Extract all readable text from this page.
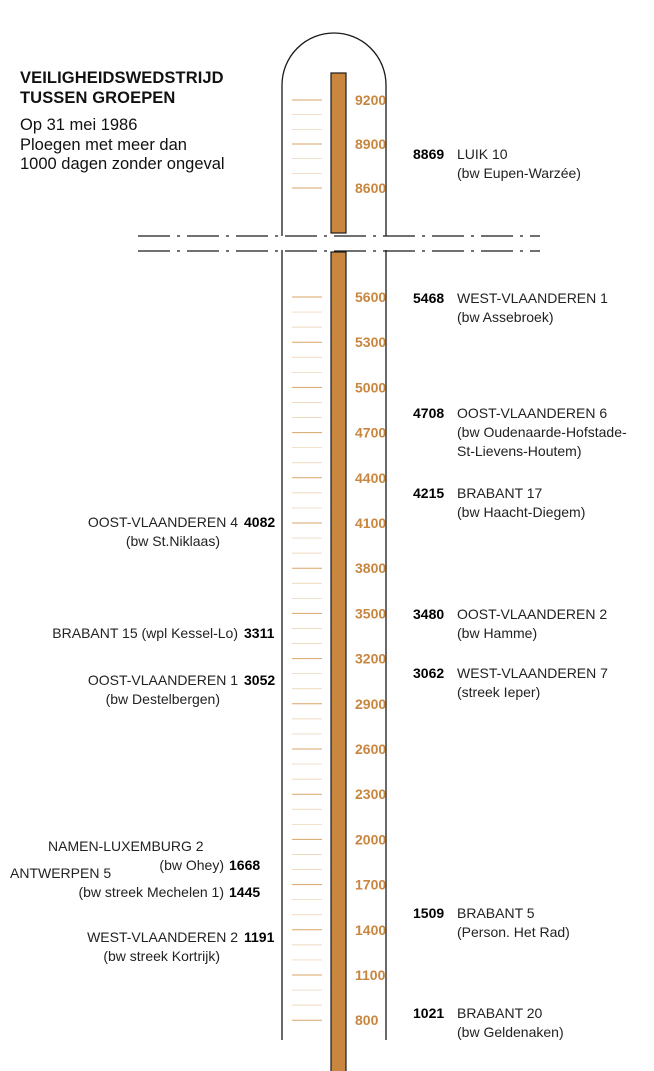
VEILIGHEIDSWEDSTRIJD
TUSSEN GROEPEN
Op 31 mei 1986
Ploegen met meer dan
1000 dagen zonder ongeval
9200
8900
8600
5600
5300
5000
4700
4400
4100
3800
3500
3200
2900
2600
2300
2000
1700
1400
1100
800
8869 LUIK 10
(bw Eupen-Warzée)
5468 WEST-VLAANDEREN 1
(bw Assebroek)
4708 OOST-VLAANDEREN 6
(bw Oudenaarde-Hofstade-
St-Lievens-Houtem)
4215 BRABANT 17
(bw Haacht-Diegem)
OOST-VLAANDEREN 4 4082
(bw St.Niklaas)
3480 OOST-VLAANDEREN 2
(bw Hamme)
BRABANT 15 (wpl Kessel-Lo) 3311
3062 WEST-VLAANDEREN 7
(streek Ieper)
OOST-VLAANDEREN 1 3052
(bw Destelbergen)
NAMEN-LUXEMBURG 2
(bw Ohey) 1668
1509 BRABANT 5
(Person. Het Rad)
ANTWERPEN 5
(bw streek Mechelen 1) 1445
WEST-VLAANDEREN 2 1191
(bw streek Kortrijk)
1021 BRABANT 20
(bw Geldenaken)
